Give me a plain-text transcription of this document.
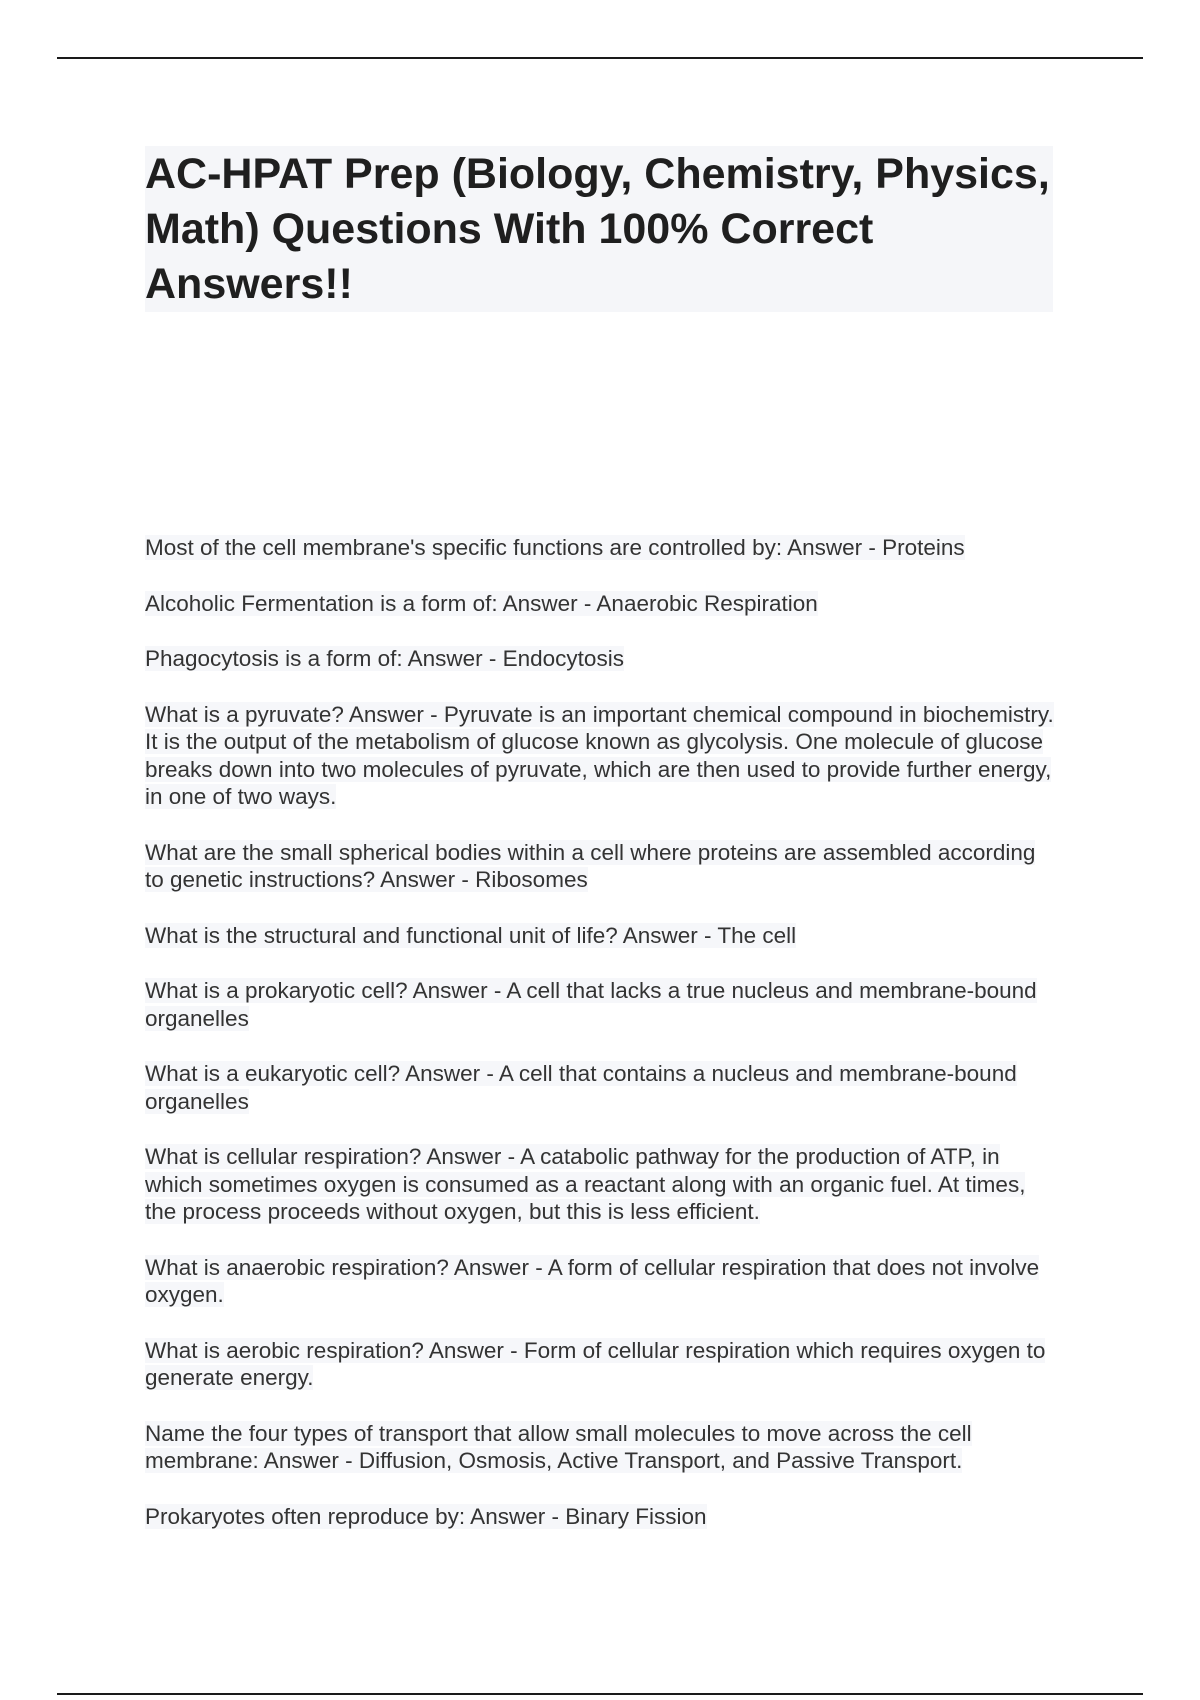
AC-HPAT Prep (Biology, Chemistry, Physics, Math) Questions With 100% Correct Answers!!

Most of the cell membrane's specific functions are controlled by: Answer - Proteins

Alcoholic Fermentation is a form of: Answer - Anaerobic Respiration

Phagocytosis is a form of: Answer - Endocytosis

What is a pyruvate? Answer - Pyruvate is an important chemical compound in biochemistry. It is the output of the metabolism of glucose known as glycolysis. One molecule of glucose breaks down into two molecules of pyruvate, which are then used to provide further energy, in one of two ways.

What are the small spherical bodies within a cell where proteins are assembled according to genetic instructions? Answer - Ribosomes

What is the structural and functional unit of life? Answer - The cell

What is a prokaryotic cell? Answer - A cell that lacks a true nucleus and membrane-bound organelles

What is a eukaryotic cell? Answer - A cell that contains a nucleus and membrane-bound organelles

What is cellular respiration? Answer - A catabolic pathway for the production of ATP, in which sometimes oxygen is consumed as a reactant along with an organic fuel. At times, the process proceeds without oxygen, but this is less efficient.

What is anaerobic respiration? Answer - A form of cellular respiration that does not involve oxygen.

What is aerobic respiration? Answer - Form of cellular respiration which requires oxygen to generate energy.

Name the four types of transport that allow small molecules to move across the cell membrane: Answer - Diffusion, Osmosis, Active Transport, and Passive Transport.

Prokaryotes often reproduce by: Answer - Binary Fission
